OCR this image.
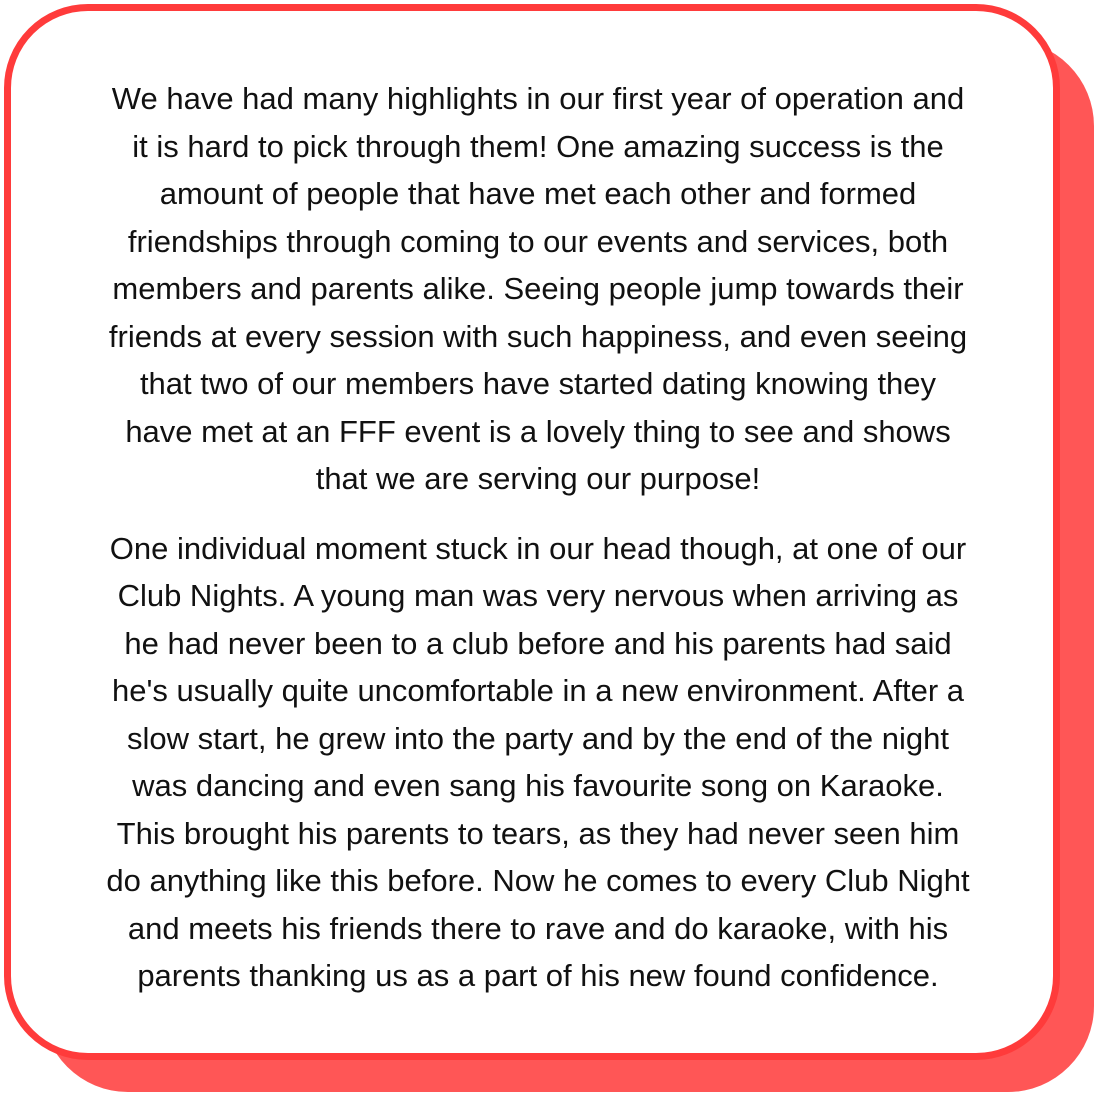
We have had many highlights in our first year of operation and
it is hard to pick through them! One amazing success is the
amount of people that have met each other and formed
friendships through coming to our events and services, both
members and parents alike. Seeing people jump towards their
friends at every session with such happiness, and even seeing
that two of our members have started dating knowing they
have met at an FFF event is a lovely thing to see and shows
that we are serving our purpose!

One individual moment stuck in our head though, at one of our
Club Nights. A young man was very nervous when arriving as
he had never been to a club before and his parents had said
he's usually quite uncomfortable in a new environment. After a
slow start, he grew into the party and by the end of the night
was dancing and even sang his favourite song on Karaoke.
This brought his parents to tears, as they had never seen him
do anything like this before. Now he comes to every Club Night
and meets his friends there to rave and do karaoke, with his
parents thanking us as a part of his new found confidence.
